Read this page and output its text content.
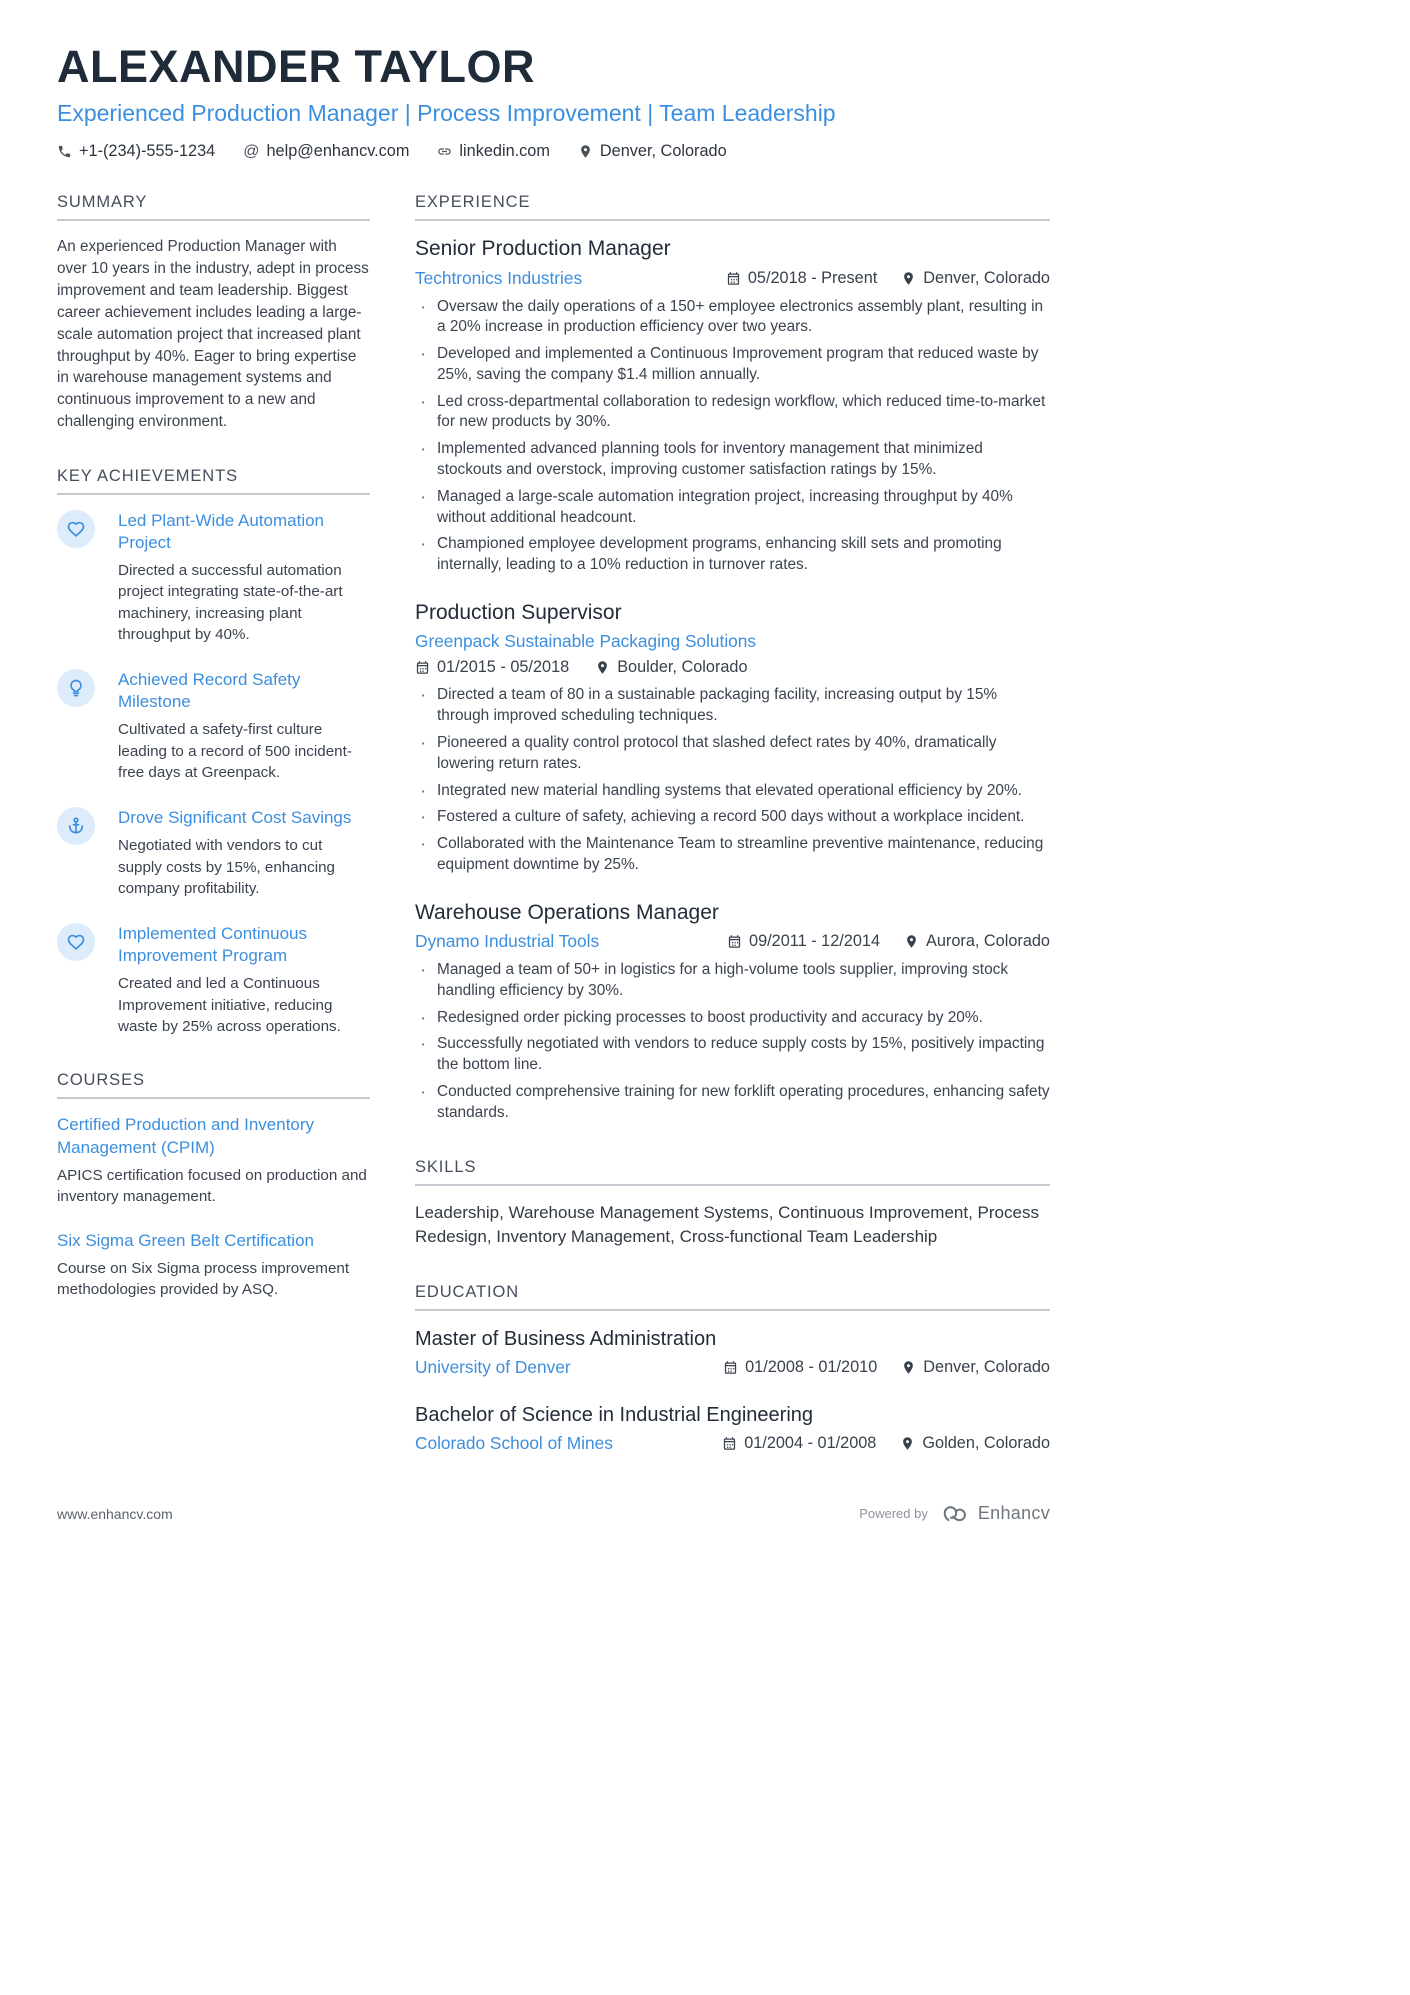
ALEXANDER TAYLOR
Experienced Production Manager | Process Improvement | Team Leadership
+1-(234)-555-1234 @ help@enhancv.com	linkedin.com	Denver, Colorado
SUMMARY

An experienced Production Manager with over 10 years in the industry, adept in process improvement and team leadership. Biggest career achievement includes leading a large-scale automation project that increased plant throughput by 40%. Eager to bring expertise in warehouse management systems and continuous improvement to a new and challenging environment.

KEY ACHIEVEMENTS
Led Plant-Wide Automation Project
Directed a successful automation project integrating state-of-the-art machinery, increasing plant throughput by 40%.
Achieved Record Safety Milestone
Cultivated a safety-first culture leading to a record of 500 incident-free days at Greenpack.
Drove Significant Cost Savings
Negotiated with vendors to cut supply costs by 15%, enhancing company profitability.
Implemented Continuous Improvement Program
Created and led a Continuous Improvement initiative, reducing waste by 25% across operations.
COURSES
Certified Production and Inventory Management (CPIM)
APICS certification focused on production and inventory management.
Six Sigma Green Belt Certification
Course on Six Sigma process improvement methodologies provided by ASQ.
EXPERIENCE
Senior Production Manager
Techtronics Industries	05/2018 - Present	Denver, Colorado
· Oversaw the daily operations of a 150+ employee electronics assembly plant, resulting in a 20% increase in production efficiency over two years.
· Developed and implemented a Continuous Improvement program that reduced waste by 25%, saving the company $1.4 million annually.
· Led cross-departmental collaboration to redesign workflow, which reduced time-to-market for new products by 30%.
· Implemented advanced planning tools for inventory management that minimized stockouts and overstock, improving customer satisfaction ratings by 15%.
· Managed a large-scale automation integration project, increasing throughput by 40% without additional headcount.
· Championed employee development programs, enhancing skill sets and promoting internally, leading to a 10% reduction in turnover rates.
Production Supervisor
Greenpack Sustainable Packaging Solutions
01/2015 - 05/2018	Boulder, Colorado
· Directed a team of 80 in a sustainable packaging facility, increasing output by 15% through improved scheduling techniques.
· Pioneered a quality control protocol that slashed defect rates by 40%, dramatically lowering return rates.
· Integrated new material handling systems that elevated operational efficiency by 20%.
· Fostered a culture of safety, achieving a record 500 days without a workplace incident.
· Collaborated with the Maintenance Team to streamline preventive maintenance, reducing equipment downtime by 25%.
Warehouse Operations Manager
Dynamo Industrial Tools	09/2011 - 12/2014	Aurora, Colorado
· Managed a team of 50+ in logistics for a high-volume tools supplier, improving stock handling efficiency by 30%.
· Redesigned order picking processes to boost productivity and accuracy by 20%.
· Successfully negotiated with vendors to reduce supply costs by 15%, positively impacting the bottom line.
· Conducted comprehensive training for new forklift operating procedures, enhancing safety standards.
SKILLS

Leadership, Warehouse Management Systems, Continuous Improvement, Process Redesign, Inventory Management, Cross-functional Team Leadership

EDUCATION
Master of Business Administration
University of Denver	01/2008 - 01/2010	Denver, Colorado
Bachelor of Science in Industrial Engineering
Colorado School of Mines	01/2004 - 01/2008	Golden, Colorado
www.enhancv.com	Powered by	Enhancv
